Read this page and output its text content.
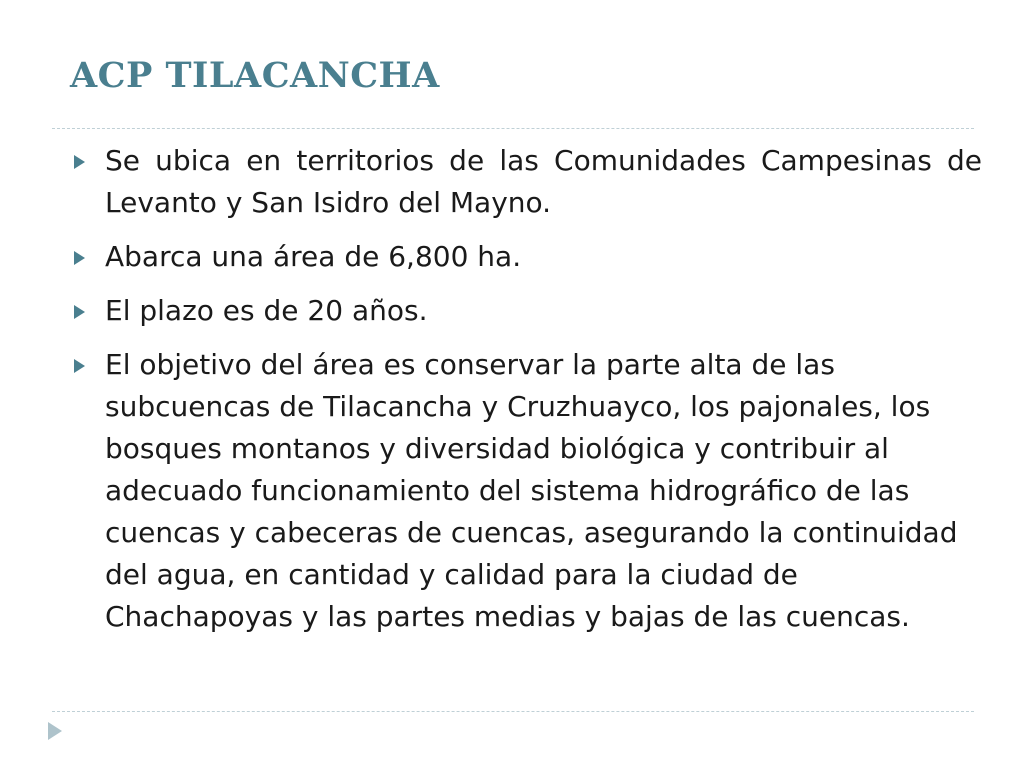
ACP TILACANCHA
Se ubica en territorios de las Comunidades Campesinas de Levanto y San Isidro del Mayno.
Abarca una área de 6,800 ha.
El plazo es de 20 años.
El objetivo del área es conservar la parte alta de las subcuencas de Tilacancha y Cruzhuayco, los pajonales, los bosques montanos y diversidad biológica y contribuir al adecuado funcionamiento del sistema hidrográfico de las cuencas y cabeceras de cuencas, asegurando la continuidad del agua, en cantidad y calidad para la ciudad de Chachapoyas y las partes medias y bajas de las cuencas.
